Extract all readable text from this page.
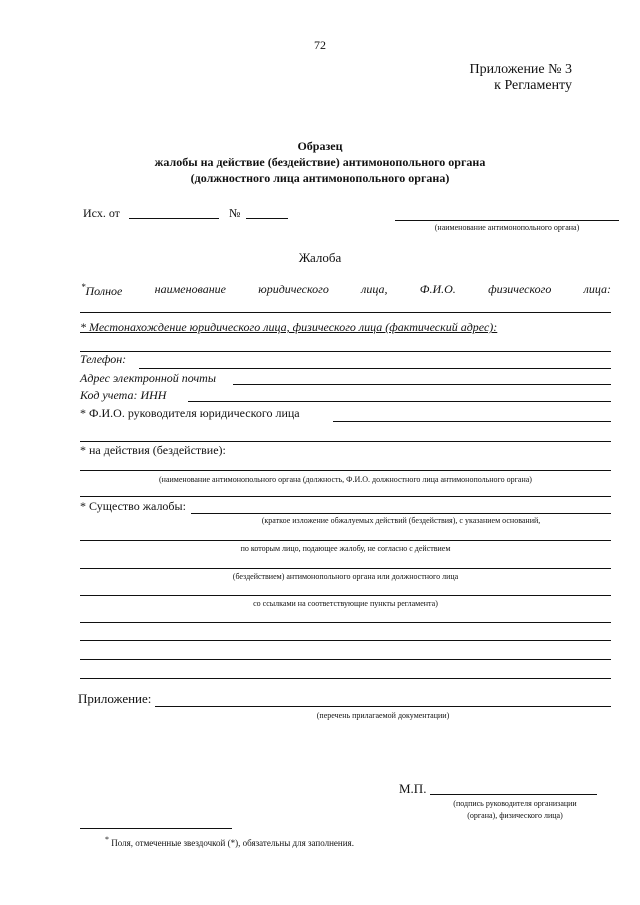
72
Приложение № 3
к Регламенту
Образец
жалобы на действие (бездействие) антимонопольного органа
(должностного лица антимонопольного органа)
Исх. от	№
(наименование антимонопольного органа)
Жалоба
*Полное	наименование	юридического	лица,	Ф.И.О.	физического	лица:
* Местонахождение юридического лица, физического лица (фактический адрес):
Телефон:
Адрес электронной почты
Код учета: ИНН
* Ф.И.О. руководителя юридического лица
* на действия (бездействие):
(наименование антимонопольного органа (должность, Ф.И.О. должностного лица антимонопольного органа)
* Существо жалобы:
(краткое изложение обжалуемых действий (бездействия), с указанием оснований,
по которым лицо, подающее жалобу, не согласно с действием
(бездействием) антимонопольного органа или должностного лица
со ссылками на соответствующие пункты регламента)
Приложение:
(перечень прилагаемой документации)
М.П.
(подпись руководителя организации
(органа), физического лица)
* Поля, отмеченные звездочкой (*), обязательны для заполнения.
